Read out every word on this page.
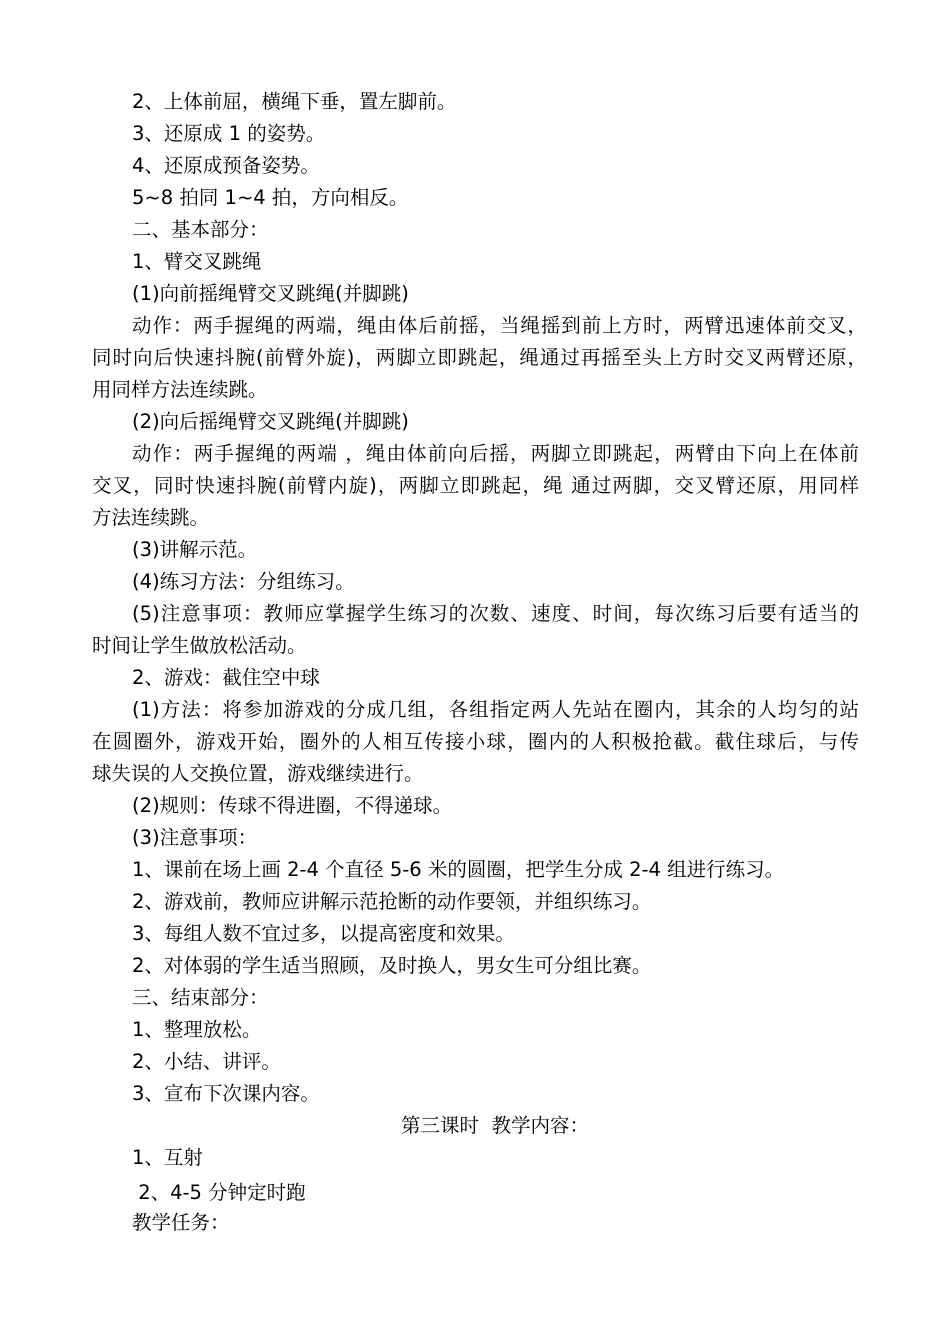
2、上体前屈，横绳下垂，置左脚前。
3、还原成 1 的姿势。
4、还原成预备姿势。
5~8 拍同 1~4 拍，方向相反。
二、基本部分：
1、臂交叉跳绳
(1)向前摇绳臂交叉跳绳(并脚跳)
动作：两手握绳的两端，绳由体后前摇，当绳摇到前上方时，两臂迅速体前交叉，
同时向后快速抖腕(前臂外旋)，两脚立即跳起，绳通过再摇至头上方时交叉两臂还原，
用同样方法连续跳。
(2)向后摇绳臂交叉跳绳(并脚跳)
动作：两手握绳的两端 ，绳由体前向后摇，两脚立即跳起，两臂由下向上在体前
交叉，同时快速抖腕(前臂内旋)，两脚立即跳起，绳 通过两脚，交叉臂还原，用同样
方法连续跳。
(3)讲解示范。
(4)练习方法：分组练习。
(5)注意事项：教师应掌握学生练习的次数、速度、时间，每次练习后要有适当的
时间让学生做放松活动。
2、游戏：截住空中球
(1)方法：将参加游戏的分成几组，各组指定两人先站在圈内，其余的人均匀的站
在圆圈外，游戏开始，圈外的人相互传接小球，圈内的人积极抢截。截住球后，与传
球失误的人交换位置，游戏继续进行。
(2)规则：传球不得进圈，不得递球。
(3)注意事项：
1、课前在场上画 2-4 个直径 5-6 米的圆圈，把学生分成 2-4 组进行练习。
2、游戏前，教师应讲解示范抢断的动作要领，并组织练习。
3、每组人数不宜过多，以提高密度和效果。
2、对体弱的学生适当照顾，及时换人，男女生可分组比赛。
三、结束部分：
1、整理放松。
2、小结、讲评。
3、宣布下次课内容。
第三课时  教学内容：
1、互射
2、4-5 分钟定时跑
教学任务：
